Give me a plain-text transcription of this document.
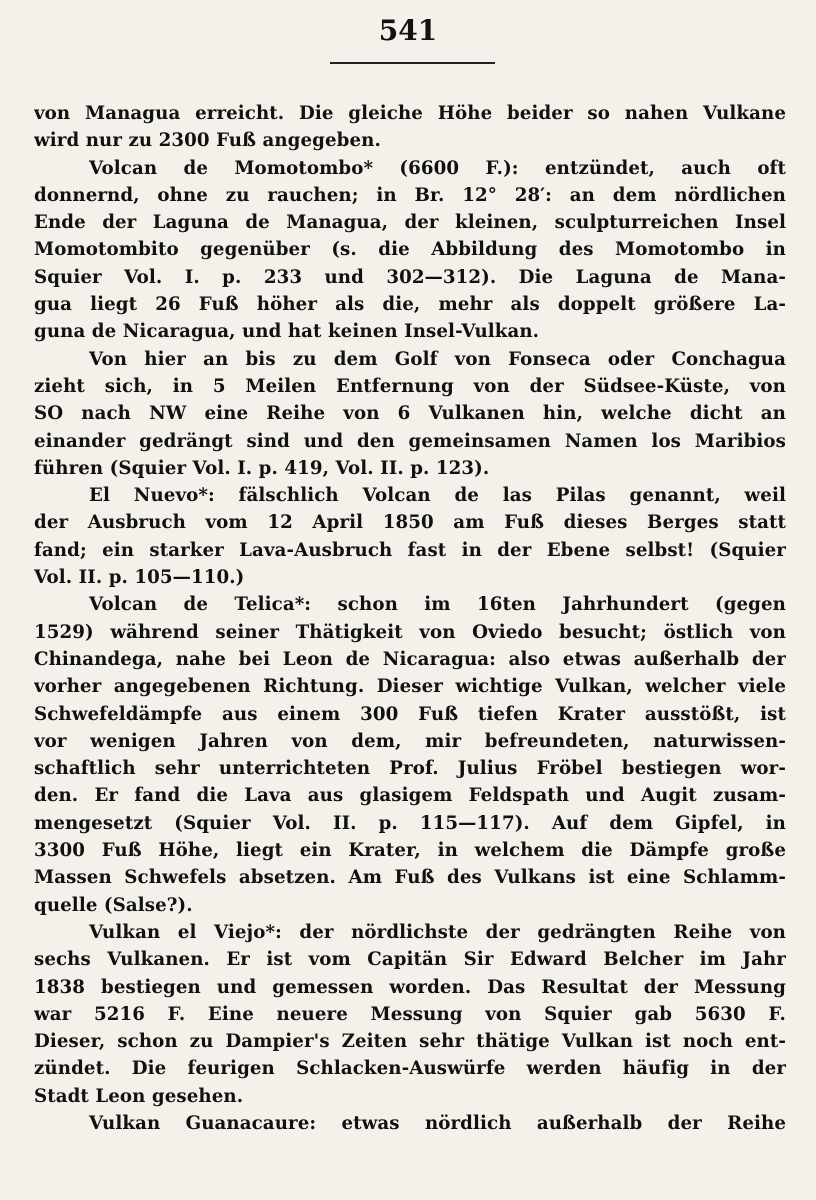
541
von Managua erreicht. Die gleiche Höhe beider so nahen Vulkane
wird nur zu 2300 Fuß angegeben.
Volcan de Momotombo* (6600 F.): entzündet, auch oft
donnernd, ohne zu rauchen; in Br. 12° 28′: an dem nördlichen
Ende der Laguna de Managua, der kleinen, sculpturreichen Insel
Momotombito gegenüber (s. die Abbildung des Momotombo in
Squier Vol. I. p. 233 und 302—312). Die Laguna de Mana-
gua liegt 26 Fuß höher als die, mehr als doppelt größere La-
guna de Nicaragua, und hat keinen Insel-Vulkan.
Von hier an bis zu dem Golf von Fonseca oder Conchagua
zieht sich, in 5 Meilen Entfernung von der Südsee-Küste, von
SO nach NW eine Reihe von 6 Vulkanen hin, welche dicht an
einander gedrängt sind und den gemeinsamen Namen los Maribios
führen (Squier Vol. I. p. 419, Vol. II. p. 123).
El Nuevo*: fälschlich Volcan de las Pilas genannt, weil
der Ausbruch vom 12 April 1850 am Fuß dieses Berges statt
fand; ein starker Lava-Ausbruch fast in der Ebene selbst! (Squier
Vol. II. p. 105—110.)
Volcan de Telica*: schon im 16ten Jahrhundert (gegen
1529) während seiner Thätigkeit von Oviedo besucht; östlich von
Chinandega, nahe bei Leon de Nicaragua: also etwas außerhalb der
vorher angegebenen Richtung. Dieser wichtige Vulkan, welcher viele
Schwefeldämpfe aus einem 300 Fuß tiefen Krater ausstößt, ist
vor wenigen Jahren von dem, mir befreundeten, naturwissen-
schaftlich sehr unterrichteten Prof. Julius Fröbel bestiegen wor-
den. Er fand die Lava aus glasigem Feldspath und Augit zusam-
mengesetzt (Squier Vol. II. p. 115—117). Auf dem Gipfel, in
3300 Fuß Höhe, liegt ein Krater, in welchem die Dämpfe große
Massen Schwefels absetzen. Am Fuß des Vulkans ist eine Schlamm-
quelle (Salse?).
Vulkan el Viejo*: der nördlichste der gedrängten Reihe von
sechs Vulkanen. Er ist vom Capitän Sir Edward Belcher im Jahr
1838 bestiegen und gemessen worden. Das Resultat der Messung
war 5216 F. Eine neuere Messung von Squier gab 5630 F.
Dieser, schon zu Dampier's Zeiten sehr thätige Vulkan ist noch ent-
zündet. Die feurigen Schlacken-Auswürfe werden häufig in der
Stadt Leon gesehen.
Vulkan Guanacaure: etwas nördlich außerhalb der Reihe
